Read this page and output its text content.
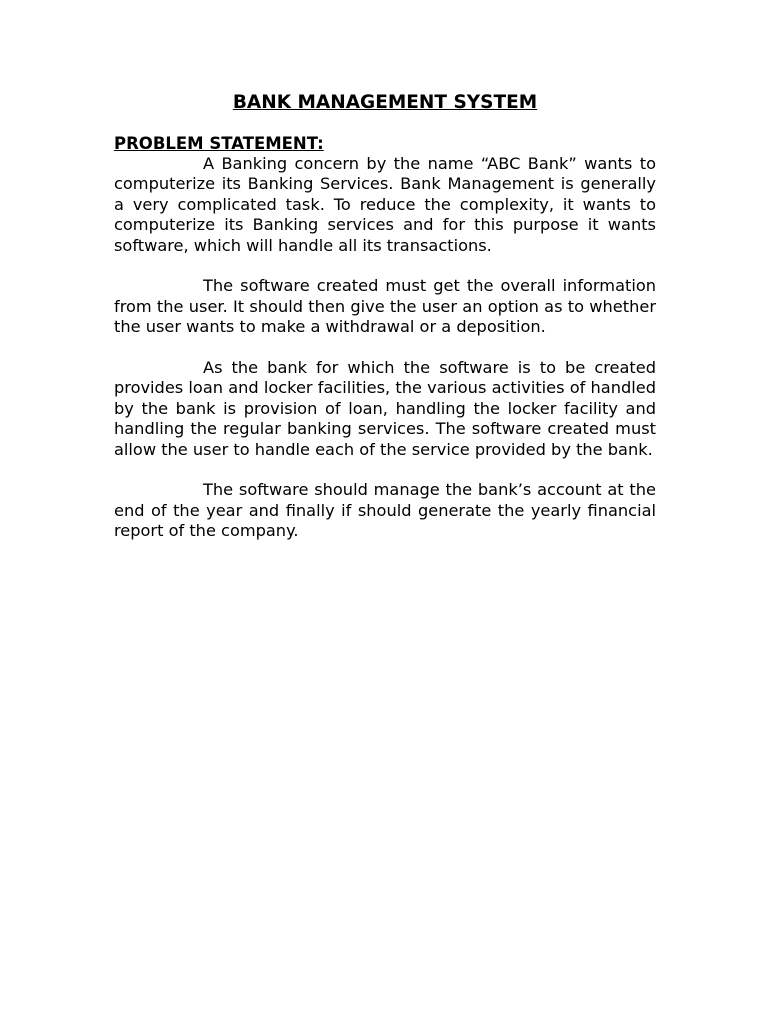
BANK MANAGEMENT SYSTEM
PROBLEM STATEMENT:

A Banking concern by the name “ABC Bank” wants to computerize its Banking Services. Bank Management is generally a very complicated task. To reduce the complexity, it wants to computerize its Banking services and for this purpose it wants software, which will handle all its transactions.

The software created must get the overall information from the user. It should then give the user an option as to whether the user wants to make a withdrawal or a deposition.

As the bank for which the software is to be created provides loan and locker facilities, the various activities of handled by the bank is provision of loan, handling the locker facility and handling the regular banking services. The software created must allow the user to handle each of the service provided by the bank.

The software should manage the bank’s account at the end of the year and finally if should generate the yearly financial report of the company.
